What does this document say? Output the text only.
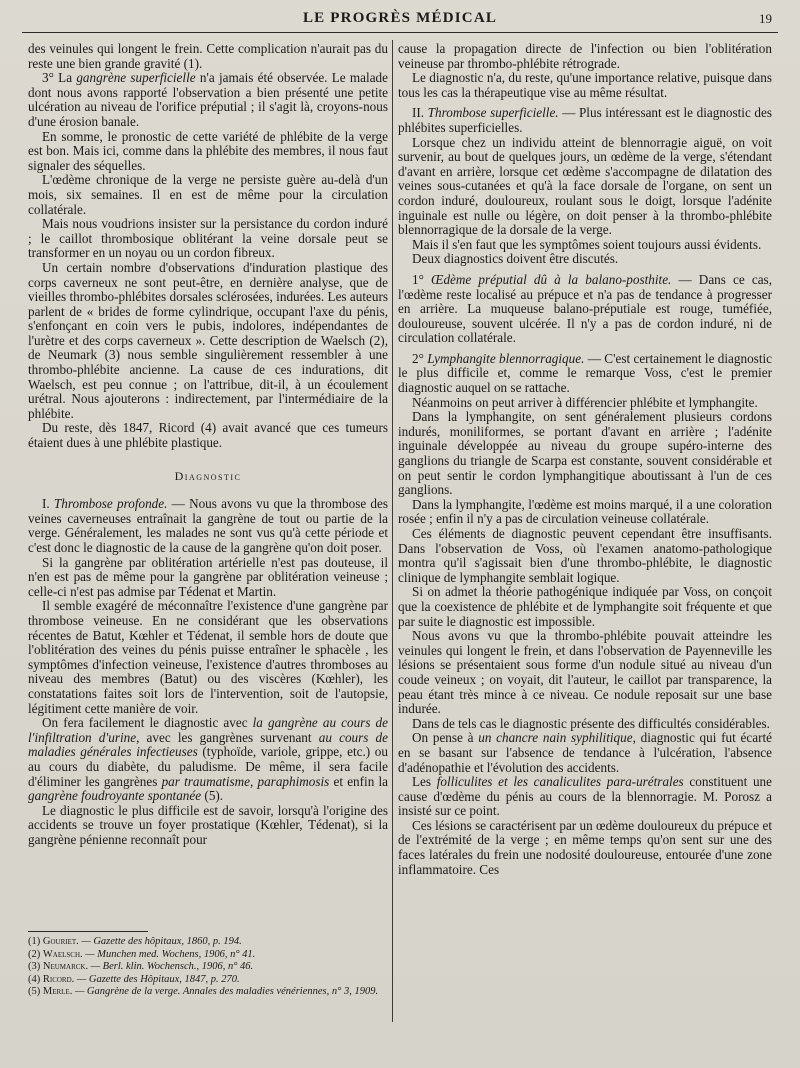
LE PROGRÈS MÉDICAL	19

des veinules qui longent le frein. Cette complication n'aurait pas du reste une bien grande gravité (1).

3° La gangrène superficielle n'a jamais été observée. Le malade dont nous avons rapporté l'observation a bien présenté une petite ulcération au niveau de l'orifice préputial ; il s'agit là, croyons-nous d'une érosion banale.

En somme, le pronostic de cette variété de phlébite de la verge est bon. Mais ici, comme dans la phlébite des membres, il nous faut signaler des séquelles.

L'œdème chronique de la verge ne persiste guère au-delà d'un mois, six semaines. Il en est de même pour la circulation collatérale.

Mais nous voudrions insister sur la persistance du cordon induré ; le caillot thrombosique oblitérant la veine dorsale peut se transformer en un noyau ou un cordon fibreux.

Un certain nombre d'observations d'induration plastique des corps caverneux ne sont peut-être, en dernière analyse, que de vieilles thrombo-phlébites dorsales sclérosées, indurées. Les auteurs parlent de « brides de forme cylindrique, occupant l'axe du pénis, s'enfonçant en coin vers le pubis, indolores, indépendantes de l'urètre et des corps caverneux ». Cette description de Waelsch (2), de Neumark (3) nous semble singulièrement ressembler à une thrombo-phlébite ancienne. La cause de ces indurations, dit Waelsch, est peu connue ; on l'attribue, dit-il, à un écoulement urétral. Nous ajouterons : indirectement, par l'intermédiaire de la phlébite.

Du reste, dès 1847, Ricord (4) avait avancé que ces tumeurs étaient dues à une phlébite plastique.

Diagnostic

I. Thrombose profonde. — Nous avons vu que la thrombose des veines caverneuses entraînait la gangrène de tout ou partie de la verge. Généralement, les malades ne sont vus qu'à cette période et c'est donc le diagnostic de la cause de la gangrène qu'on doit poser.

Si la gangrène par oblitération artérielle n'est pas douteuse, il n'en est pas de même pour la gangrène par oblitération veineuse ; celle-ci n'est pas admise par Tédenat et Martin.

Il semble exagéré de méconnaître l'existence d'une gangrène par thrombose veineuse. En ne considérant que les observations récentes de Batut, Kœhler et Tédenat, il semble hors de doute que l'oblitération des veines du pénis puisse entraîner le sphacèle , les symptômes d'infection veineuse, l'existence d'autres thromboses au niveau des membres (Batut) ou des viscères (Kœhler), les constatations faites soit lors de l'intervention, soit de l'autopsie, légitiment cette manière de voir.

On fera facilement le diagnostic avec la gangrène au cours de l'infiltration d'urine, avec les gangrènes survenant au cours de maladies générales infectieuses (typhoïde, variole, grippe, etc.) ou au cours du diabète, du paludisme. De même, il sera facile d'éliminer les gangrènes par traumatisme, paraphimosis et enfin la gangrène foudroyante spontanée (5).

Le diagnostic le plus difficile est de savoir, lorsqu'à l'origine des accidents se trouve un foyer prostatique (Kœhler, Tédenat), si la gangrène pénienne reconnaît pour

(1) Gouriet. — Gazette des hôpitaux, 1860, p. 194.
(2) Waelsch. — Munchen med. Wochens, 1906, n° 41.
(3) Neumarck. — Berl. klin. Wochensch., 1906, n° 46.
(4) Ricord. — Gazette des Hôpitaux, 1847, p. 270.
(5) Merle. — Gangrène de la verge. Annales des maladies vénériennes, n° 3, 1909.

cause la propagation directe de l'infection ou bien l'oblitération veineuse par thrombo-phlébite rétrograde.

Le diagnostic n'a, du reste, qu'une importance relative, puisque dans tous les cas la thérapeutique vise au même résultat.

II. Thrombose superficielle. — Plus intéressant est le diagnostic des phlébites superficielles.

Lorsque chez un individu atteint de blennorragie aiguë, on voit survenir, au bout de quelques jours, un œdème de la verge, s'étendant d'avant en arrière, lorsque cet œdème s'accompagne de dilatation des veines sous-cutanées et qu'à la face dorsale de l'organe, on sent un cordon induré, douloureux, roulant sous le doigt, lorsque l'adénite inguinale est nulle ou légère, on doit penser à la thrombo-phlébite blennorragique de la dorsale de la verge.

Mais il s'en faut que les symptômes soient toujours aussi évidents.

Deux diagnostics doivent être discutés.

1° Œdème préputial dû à la balano-posthite. — Dans ce cas, l'œdème reste localisé au prépuce et n'a pas de tendance à progresser en arrière. La muqueuse balano-préputiale est rouge, tuméfiée, douloureuse, souvent ulcérée. Il n'y a pas de cordon induré, ni de circulation collatérale.

2° Lymphangite blennorragique. — C'est certainement le diagnostic le plus difficile et, comme le remarque Voss, c'est le premier diagnostic auquel on se rattache.

Néanmoins on peut arriver à différencier phlébite et lymphangite.

Dans la lymphangite, on sent généralement plusieurs cordons indurés, moniliformes, se portant d'avant en arrière ; l'adénite inguinale développée au niveau du groupe supéro-interne des ganglions du triangle de Scarpa est constante, souvent considérable et on peut sentir le cordon lymphangitique aboutissant à l'un de ces ganglions.

Dans la lymphangite, l'œdème est moins marqué, il a une coloration rosée ; enfin il n'y a pas de circulation veineuse collatérale.

Ces éléments de diagnostic peuvent cependant être insuffisants. Dans l'observation de Voss, où l'examen anatomo-pathologique montra qu'il s'agissait bien d'une thrombo-phlébite, le diagnostic clinique de lymphangite semblait logique.

Si on admet la théorie pathogénique indiquée par Voss, on conçoit que la coexistence de phlébite et de lymphangite soit fréquente et que par suite le diagnostic est impossible.

Nous avons vu que la thrombo-phlébite pouvait atteindre les veinules qui longent le frein, et dans l'observation de Payenneville les lésions se présentaient sous forme d'un nodule situé au niveau d'un coude veineux ; on voyait, dit l'auteur, le caillot par transparence, la peau étant très mince à ce niveau. Ce nodule reposait sur une base indurée.

Dans de tels cas le diagnostic présente des difficultés considérables.

On pense à un chancre nain syphilitique, diagnostic qui fut écarté en se basant sur l'absence de tendance à l'ulcération, l'absence d'adénopathie et l'évolution des accidents.

Les folliculites et les canaliculites para-urétrales constituent une cause d'œdème du pénis au cours de la blennorragie. M. Porosz a insisté sur ce point.

Ces lésions se caractérisent par un œdème douloureux du prépuce et de l'extrémité de la verge ; en même temps qu'on sent sur une des faces latérales du frein une nodosité douloureuse, entourée d'une zone inflammatoire. Ces
